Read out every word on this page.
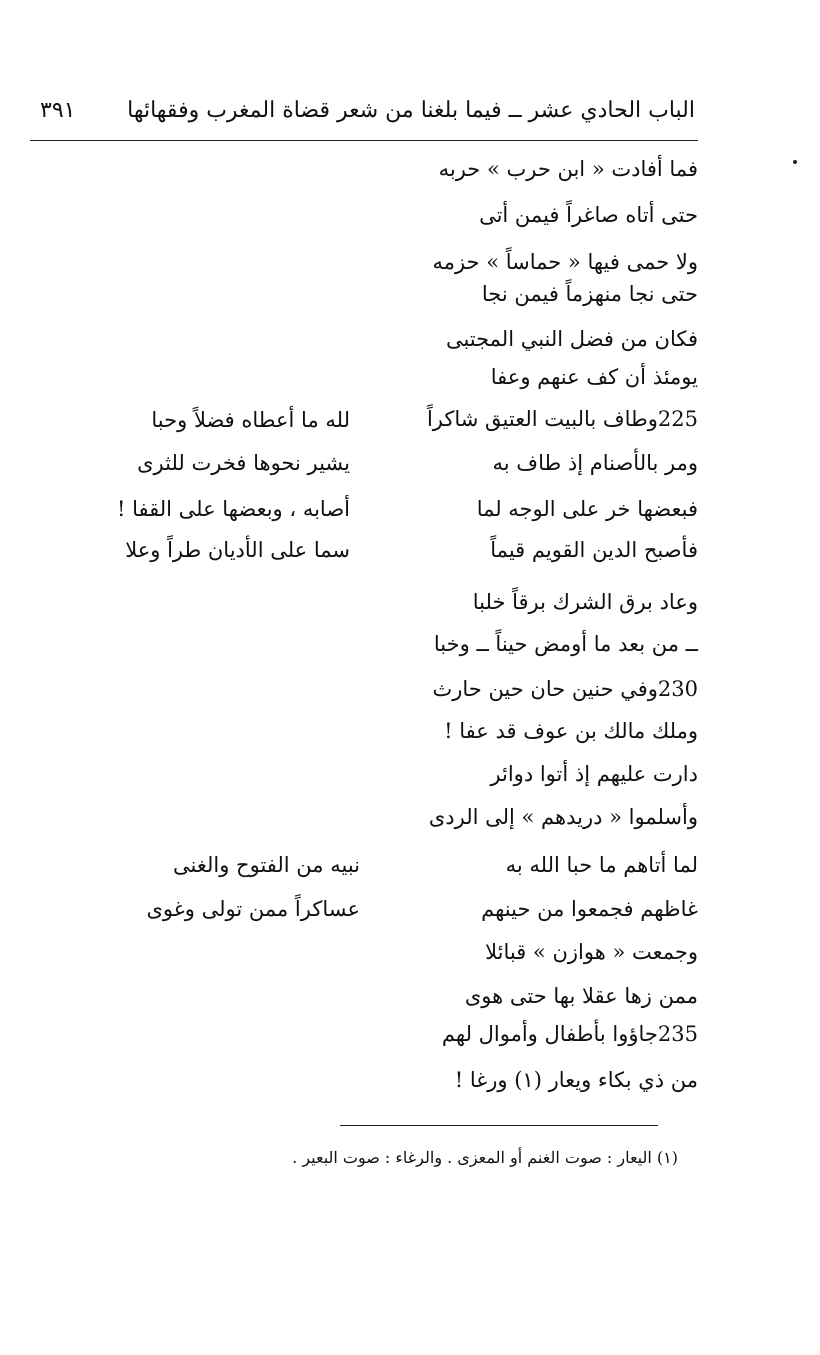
الباب الحادي عشر ــ فيما بلغنا من شعر قضاة المغرب وفقهائها
٣٩١
فما أفادت « ابن حرب » حربه
حتى أتاه صاغراً فيمن أتى
ولا حمى فيها « حماساً » حزمه
حتى نجا منهزماً فيمن نجا
فكان من فضل النبي المجتبى
يومئذ أن كف عنهم وعفا
225وطاف بالبيت العتيق شاكراً
لله ما أعطاه فضلاً وحبا
ومر بالأصنام إذ طاف به
يشير نحوها فخرت للثرى
فبعضها خر على الوجه لما
أصابه ، وبعضها على القفا !
فأصبح الدين القويم قيماً
سما على الأديان طراً وعلا
وعاد برق الشرك برقاً خلبا
ــ من بعد ما أومض حيناً ــ وخبا
230وفي حنين حان حين حارث
وملك مالك بن عوف قد عفا !
دارت عليهم إذ أتوا دوائر
وأسلموا « دريدهم » إلى الردى
لما أتاهم ما حبا الله به
نبيه من الفتوح والغنى
غاظهم فجمعوا من حينهم
عساكراً ممن تولى وغوى
وجمعت « هوازن » قبائلا
ممن زها عقلا بها حتى هوى
235جاؤوا بأطفال وأموال لهم
من ذي بكاء ويعار (١) ورغا !
(١) اليعار : صوت الغنم أو المعزى . والرغاء : صوت البعير .
